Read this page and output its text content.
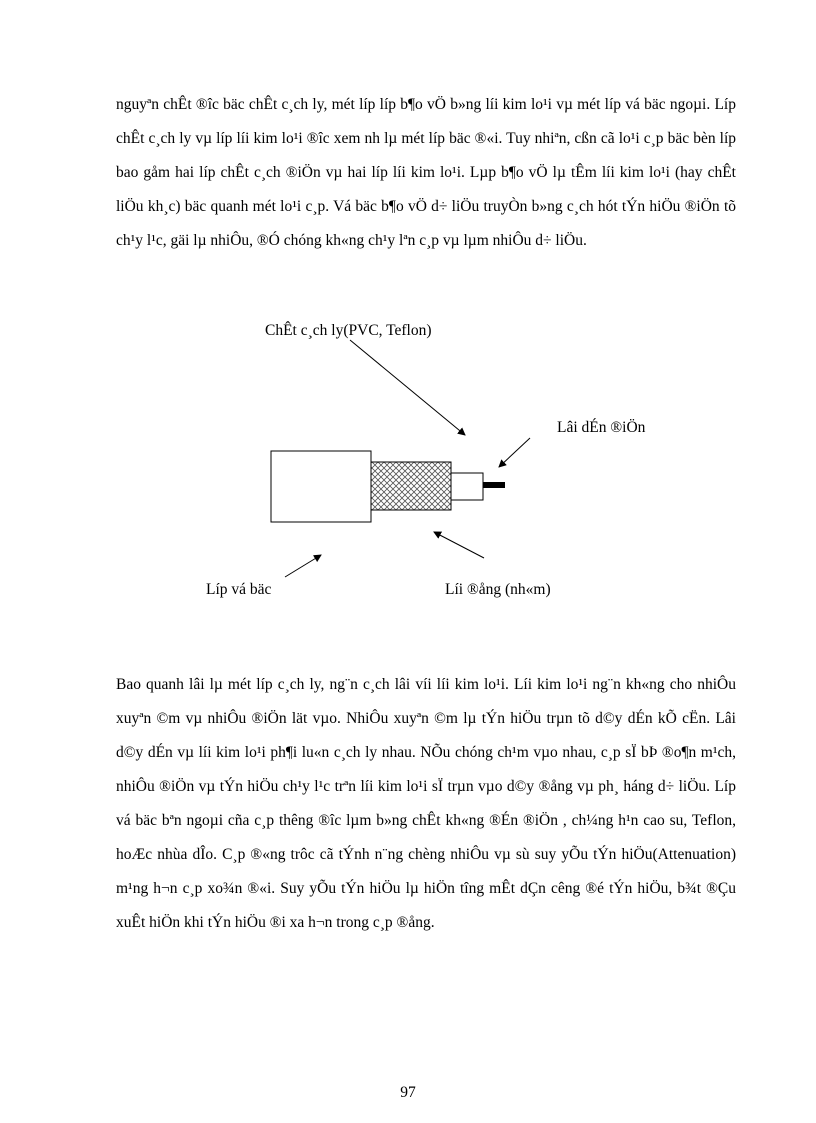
nguyªn chÊt ®îc bäc chÊt c¸ch ly, mét líp líp b¶o vÖ b»ng líi kim lo¹i vµ mét líp vá bäc ngoµi. Líp chÊt c¸ch ly vµ líp líi kim lo¹i ®îc xem nh lµ mét líp bäc ®«i. Tuy nhiªn, cßn cã lo¹i c¸p bäc bèn líp bao gåm hai líp chÊt c¸ch ®iÖn vµ hai líp líi kim lo¹i. Lµp b¶o vÖ lµ tÊm líi kim lo¹i (hay chÊt liÖu kh¸c) bäc quanh mét lo¹i c¸p. Vá bäc b¶o vÖ d÷ liÖu truyÒn b»ng c¸ch hót tÝn hiÖu ®iÖn tõ ch¹y l¹c, gäi lµ nhiÔu, ®Ó chóng kh«ng ch¹y lªn c¸p vµ lµm nhiÔu d÷ liÖu.

ChÊt c¸ch ly(PVC, Teflon)
Lâi dÉn ®iÖn
Líp vá bäc	Líi ®ång (nh«m)

Bao quanh lâi lµ mét líp c¸ch ly, ng¨n c¸ch lâi víi líi kim lo¹i. Líi kim lo¹i ng¨n kh«ng cho nhiÔu xuyªn ©m vµ nhiÔu ®iÖn lät vµo. NhiÔu xuyªn ©m lµ tÝn hiÖu trµn tõ d©y dÉn kÕ cËn. Lâi d©y dÉn vµ líi kim lo¹i ph¶i lu«n c¸ch ly nhau. NÕu chóng ch¹m vµo nhau, c¸p sÏ bÞ ®o¶n m¹ch, nhiÔu ®iÖn vµ tÝn hiÖu ch¹y l¹c trªn líi kim lo¹i sÏ trµn vµo d©y ®ång vµ ph¸ háng d÷ liÖu. Líp vá bäc bªn ngoµi cña c¸p thêng ®îc lµm b»ng chÊt kh«ng ®Én ®iÖn , ch¼ng h¹n cao su, Teflon, hoÆc nhùa dÎo. C¸p ®«ng trôc cã tÝnh n¨ng chèng nhiÔu vµ sù suy yÕu tÝn hiÖu(Attenuation) m¹ng h¬n c¸p xo¾n ®«i. Suy yÕu tÝn hiÖu lµ hiÖn tîng mÊt dÇn cêng ®é tÝn hiÖu, b¾t ®Çu xuÊt hiÖn khi tÝn hiÖu ®i xa h¬n trong c¸p ®ång.

97
